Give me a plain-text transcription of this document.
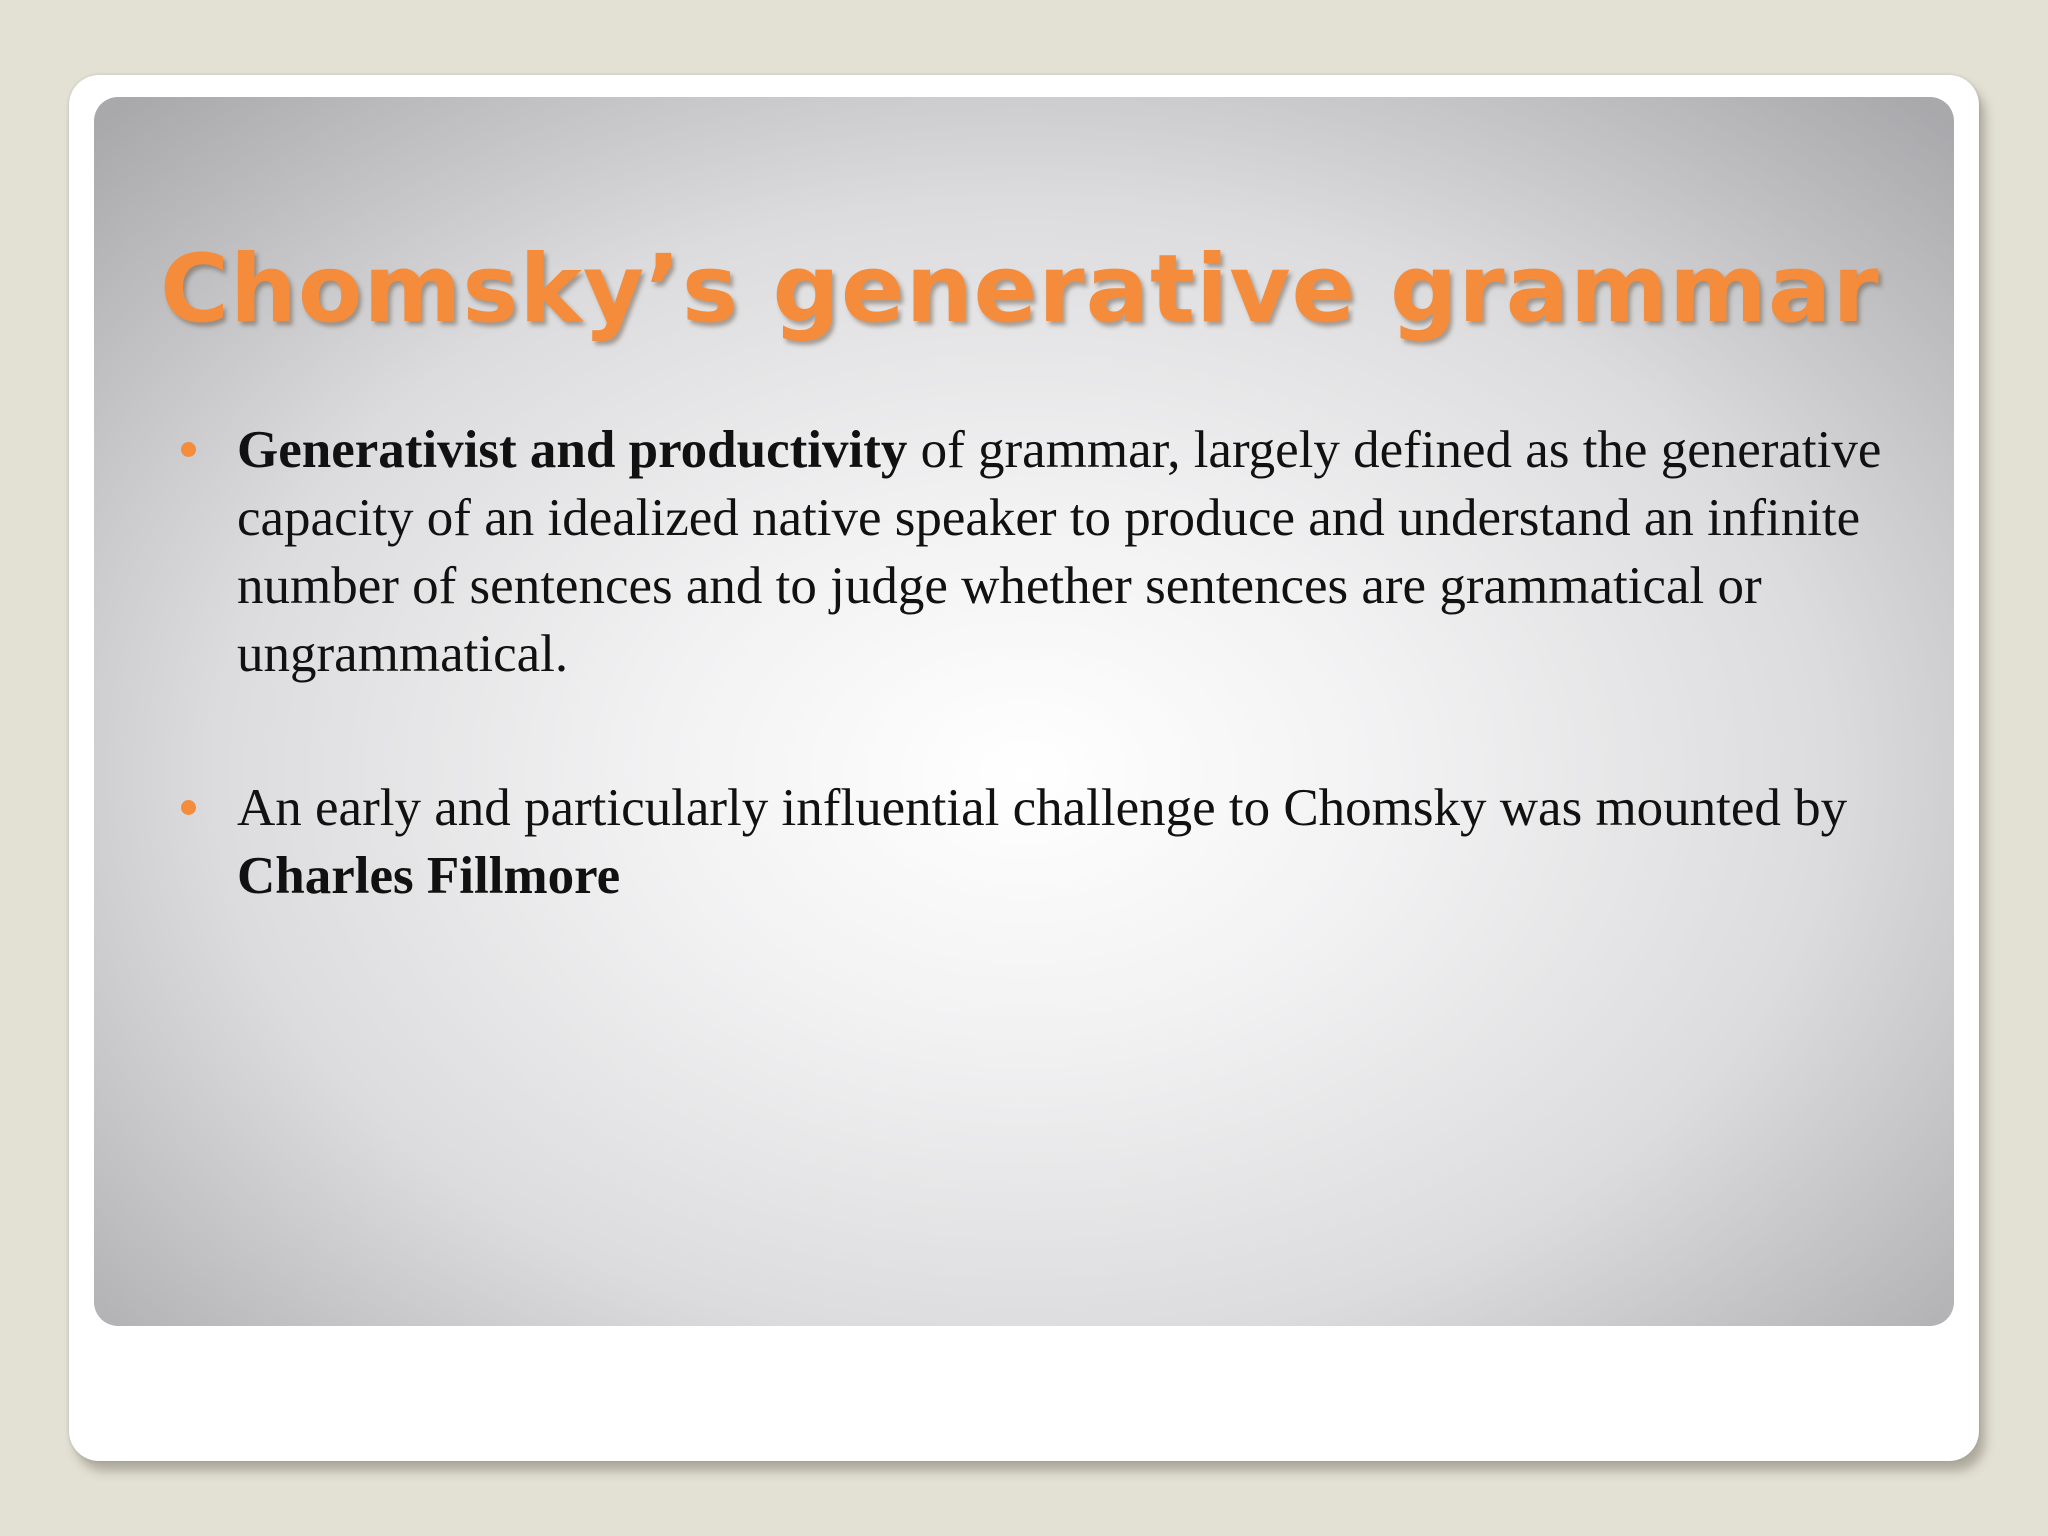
Chomsky’s generative grammar
Generativist and productivity of grammar, largely defined as the generative capacity of an idealized native speaker to produce and understand an infinite number of sentences and to judge whether sentences are grammatical or ungrammatical.
An early and particularly influential challenge to Chomsky was mounted by Charles Fillmore
